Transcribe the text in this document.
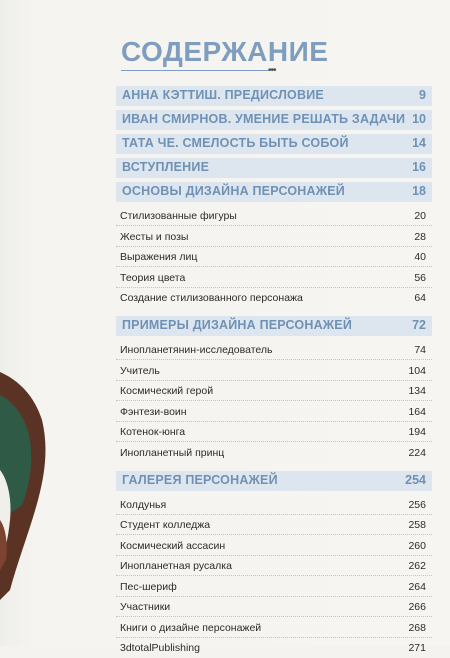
СОДЕРЖАНИЕ
•••
АННА КЭТТИШ. ПРЕДИСЛОВИЕ	9
ИВАН СМИРНОВ. УМЕНИЕ РЕШАТЬ ЗАДАЧИ 10
ТАТА ЧЕ. СМЕЛОСТЬ БЫТЬ СОБОЙ	14
ВСТУПЛЕНИЕ	16
ОСНОВЫ ДИЗАЙНА ПЕРСОНАЖЕЙ	18
Стилизованные фигуры	20
Жесты и позы	28
Выражения лиц	40
Теория цвета	56
Создание стилизованного персонажа	64
ПРИМЕРЫ ДИЗАЙНА ПЕРСОНАЖЕЙ	72
Инопланетянин-исследователь	74
Учитель	104
Космический герой	134
Фэнтези-воин	164
Котенок-юнга	194
Инопланетный принц	224
ГАЛЕРЕЯ ПЕРСОНАЖЕЙ	254
Колдунья	256
Студент колледжа	258
Космический ассасин	260
Инопланетная русалка	262
Пес-шериф	264
Участники	266
Книги о дизайне персонажей	268
3dtotalPublishing	271
